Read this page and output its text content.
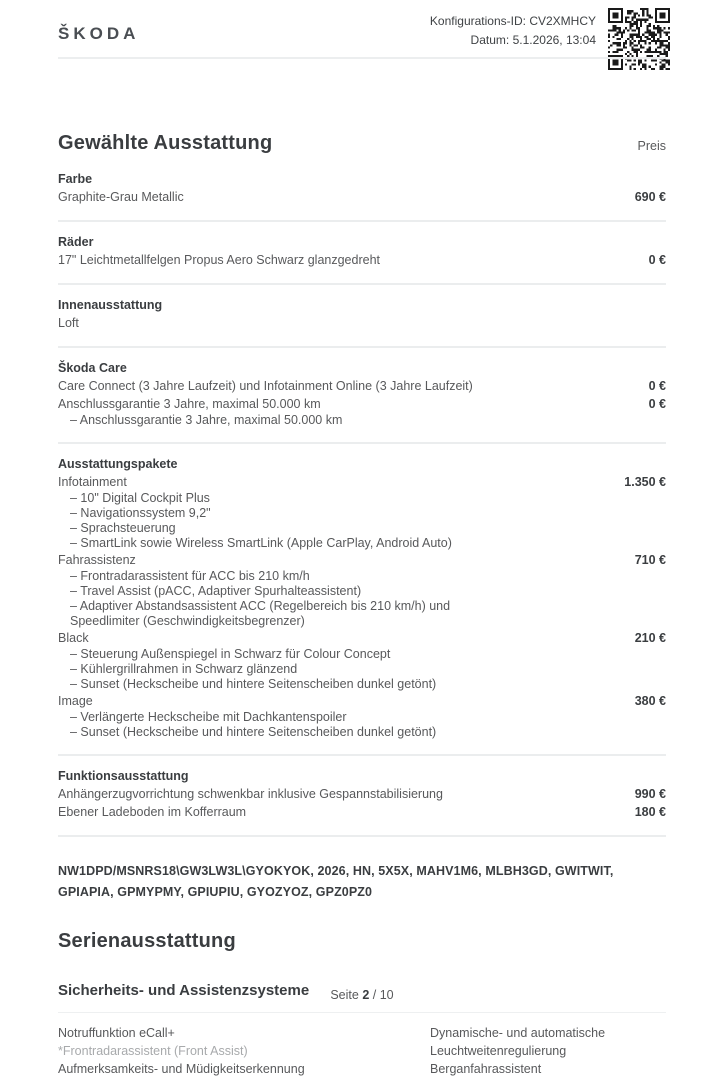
ŠKODA
Konfigurations-ID: CV2XMHCY
Datum: 5.1.2026, 13:04
Gewählte Ausstattung	Preis
Farbe
Graphite-Grau Metallic	690 €
Räder
17" Leichtmetallfelgen Propus Aero Schwarz glanzgedreht	0 €
Innenausstattung
Loft
Škoda Care
Care Connect (3 Jahre Laufzeit) und Infotainment Online (3 Jahre Laufzeit)	0 €
Anschlussgarantie 3 Jahre, maximal 50.000 km	0 €
– Anschlussgarantie 3 Jahre, maximal 50.000 km
Ausstattungspakete
Infotainment	1.350 €
– 10" Digital Cockpit Plus
– Navigationssystem 9,2"
– Sprachsteuerung
– SmartLink sowie Wireless SmartLink (Apple CarPlay, Android Auto)
Fahrassistenz	710 €
– Frontradarassistent für ACC bis 210 km/h
– Travel Assist (pACC, Adaptiver Spurhalteassistent)
– Adaptiver Abstandsassistent ACC (Regelbereich bis 210 km/h) und Speedlimiter (Geschwindigkeitsbegrenzer)
Black	210 €
– Steuerung Außenspiegel in Schwarz für Colour Concept
– Kühlergrillrahmen in Schwarz glänzend
– Sunset (Heckscheibe und hintere Seitenscheiben dunkel getönt)
Image	380 €
– Verlängerte Heckscheibe mit Dachkantenspoiler
– Sunset (Heckscheibe und hintere Seitenscheiben dunkel getönt)
Funktionsausstattung
Anhängerzugvorrichtung schwenkbar inklusive Gespannstabilisierung	990 €
Ebener Ladeboden im Kofferraum	180 €
NW1DPD/MSNRS18\GW3LW3L\GYOKYOK, 2026, HN, 5X5X, MAHV1M6, MLBH3GD, GWITWIT, GPIAPIA, GPMYPMY, GPIUPIU, GYOZYOZ, GPZ0PZ0
Serienausstattung
Sicherheits- und Assistenzsysteme
Notruffunktion eCall+
*Frontradarassistent (Front Assist)
Aufmerksamkeits- und Müdigkeitserkennung
Dynamische- und automatische Leuchtweitenregulierung
Berganfahrassistent
Seite 2 / 10
